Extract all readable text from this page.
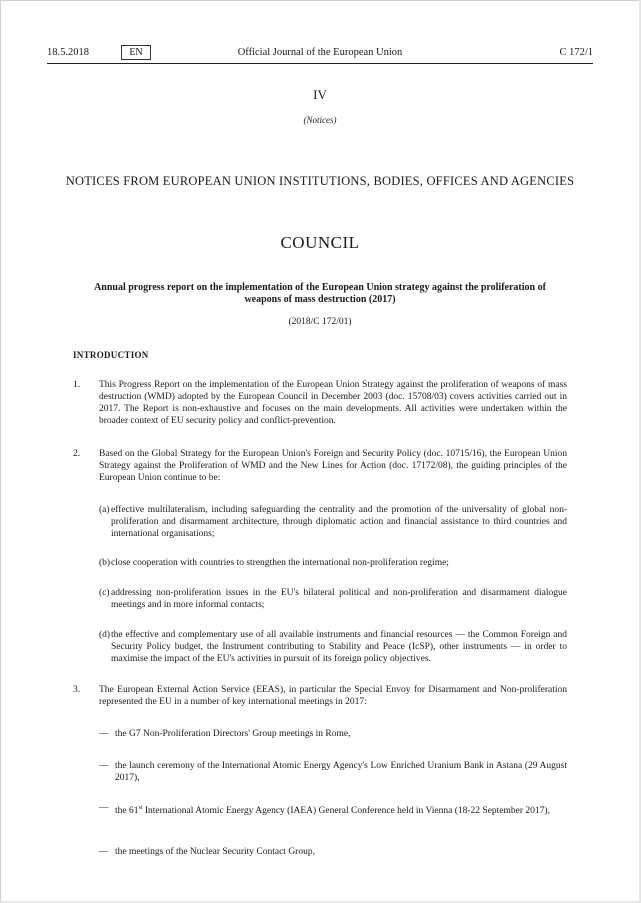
Official Journal of the European Union
18.5.2018	EN	C 172/1
IV
(Notices)
NOTICES FROM EUROPEAN UNION INSTITUTIONS, BODIES, OFFICES AND AGENCIES
COUNCIL
Annual progress report on the implementation of the European Union strategy against the proliferation of weapons of mass destruction (2017)
(2018/C 172/01)
INTRODUCTION
1. This Progress Report on the implementation of the European Union Strategy against the proliferation of weapons of mass destruction (WMD) adopted by the European Council in December 2003 (doc. 15708/03) covers activities carried out in 2017. The Report is non-exhaustive and focuses on the main developments. All activities were undertaken within the broader context of EU security policy and conflict-prevention.
2. Based on the Global Strategy for the European Union's Foreign and Security Policy (doc. 10715/16), the European Union Strategy against the Proliferation of WMD and the New Lines for Action (doc. 17172/08), the guiding principles of the European Union continue to be:
(a) effective multilateralism, including safeguarding the centrality and the promotion of the universality of global non-proliferation and disarmament architecture, through diplomatic action and financial assistance to third countries and international organisations;
(b) close cooperation with countries to strengthen the international non-proliferation regime;
(c) addressing non-proliferation issues in the EU's bilateral political and non-proliferation and disarmament dialogue meetings and in more informal contacts;
(d) the effective and complementary use of all available instruments and financial resources — the Common Foreign and Security Policy budget, the Instrument contributing to Stability and Peace (IcSP), other instruments — in order to maximise the impact of the EU's activities in pursuit of its foreign policy objectives.
3. The European External Action Service (EEAS), in particular the Special Envoy for Disarmament and Non-proliferation represented the EU in a number of key international meetings in 2017:
— the G7 Non-Proliferation Directors' Group meetings in Rome,
— the launch ceremony of the International Atomic Energy Agency's Low Enriched Uranium Bank in Astana (29 August 2017),
— the 61st International Atomic Energy Agency (IAEA) General Conference held in Vienna (18-22 September 2017),
— the meetings of the Nuclear Security Contact Group,
